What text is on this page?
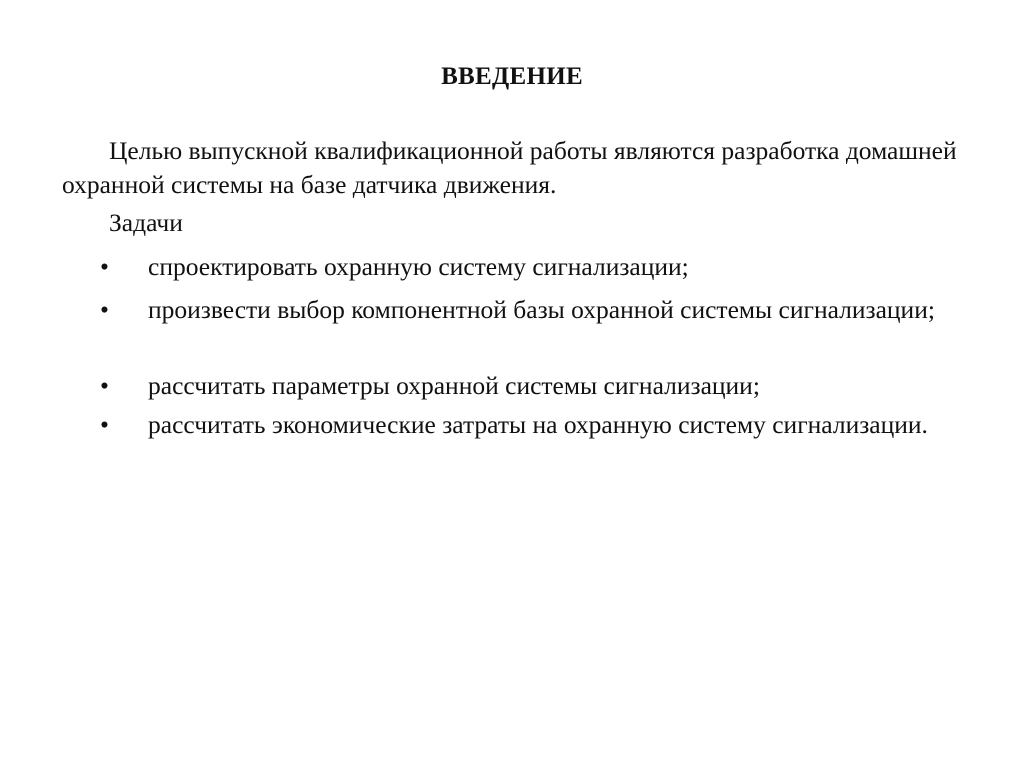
ВВЕДЕНИЕ
Целью выпускной квалификационной работы являются разработка домашней охранной системы на базе датчика движения.
Задачи
• спроектировать охранную систему сигнализации;
• произвести выбор компонентной базы охранной системы сигнализации;
• рассчитать параметры охранной системы сигнализации;
• рассчитать экономические затраты на охранную систему сигнализации.
